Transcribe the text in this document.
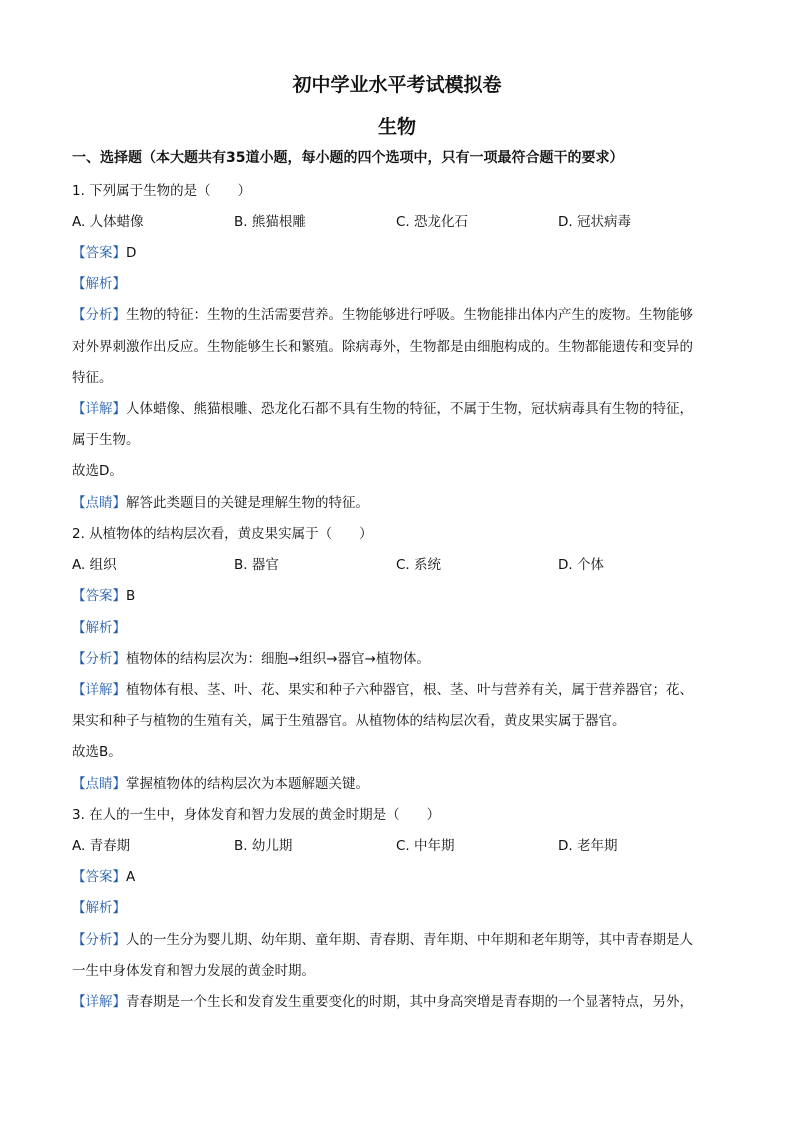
初中学业水平考试模拟卷
生物
一、选择题（本大题共有35道小题，每小题的四个选项中，只有一项最符合题干的要求）
1. 下列属于生物的是（　　）
A. 人体蜡像	B. 熊猫根雕	C. 恐龙化石	D. 冠状病毒
【答案】D
【解析】
【分析】生物的特征：生物的生活需要营养。生物能够进行呼吸。生物能排出体内产生的废物。生物能够
对外界刺激作出反应。生物能够生长和繁殖。除病毒外，生物都是由细胞构成的。生物都能遗传和变异的
特征。
【详解】人体蜡像、熊猫根雕、恐龙化石都不具有生物的特征，不属于生物，冠状病毒具有生物的特征，
属于生物。
故选D。
【点睛】解答此类题目的关键是理解生物的特征。
2. 从植物体的结构层次看，黄皮果实属于（　　）
A. 组织	B. 器官	C. 系统	D. 个体
【答案】B
【解析】
【分析】植物体的结构层次为：细胞→组织→器官→植物体。
【详解】植物体有根、茎、叶、花、果实和种子六种器官，根、茎、叶与营养有关，属于营养器官；花、
果实和种子与植物的生殖有关，属于生殖器官。从植物体的结构层次看，黄皮果实属于器官。
故选B。
【点睛】掌握植物体的结构层次为本题解题关键。
3. 在人的一生中，身体发育和智力发展的黄金时期是（　　）
A. 青春期	B. 幼儿期	C. 中年期	D. 老年期
【答案】A
【解析】
【分析】人的一生分为婴儿期、幼年期、童年期、青春期、青年期、中年期和老年期等，其中青春期是人
一生中身体发育和智力发展的黄金时期。
【详解】青春期是一个生长和发育发生重要变化的时期，其中身高突增是青春期的一个显著特点，另外，
